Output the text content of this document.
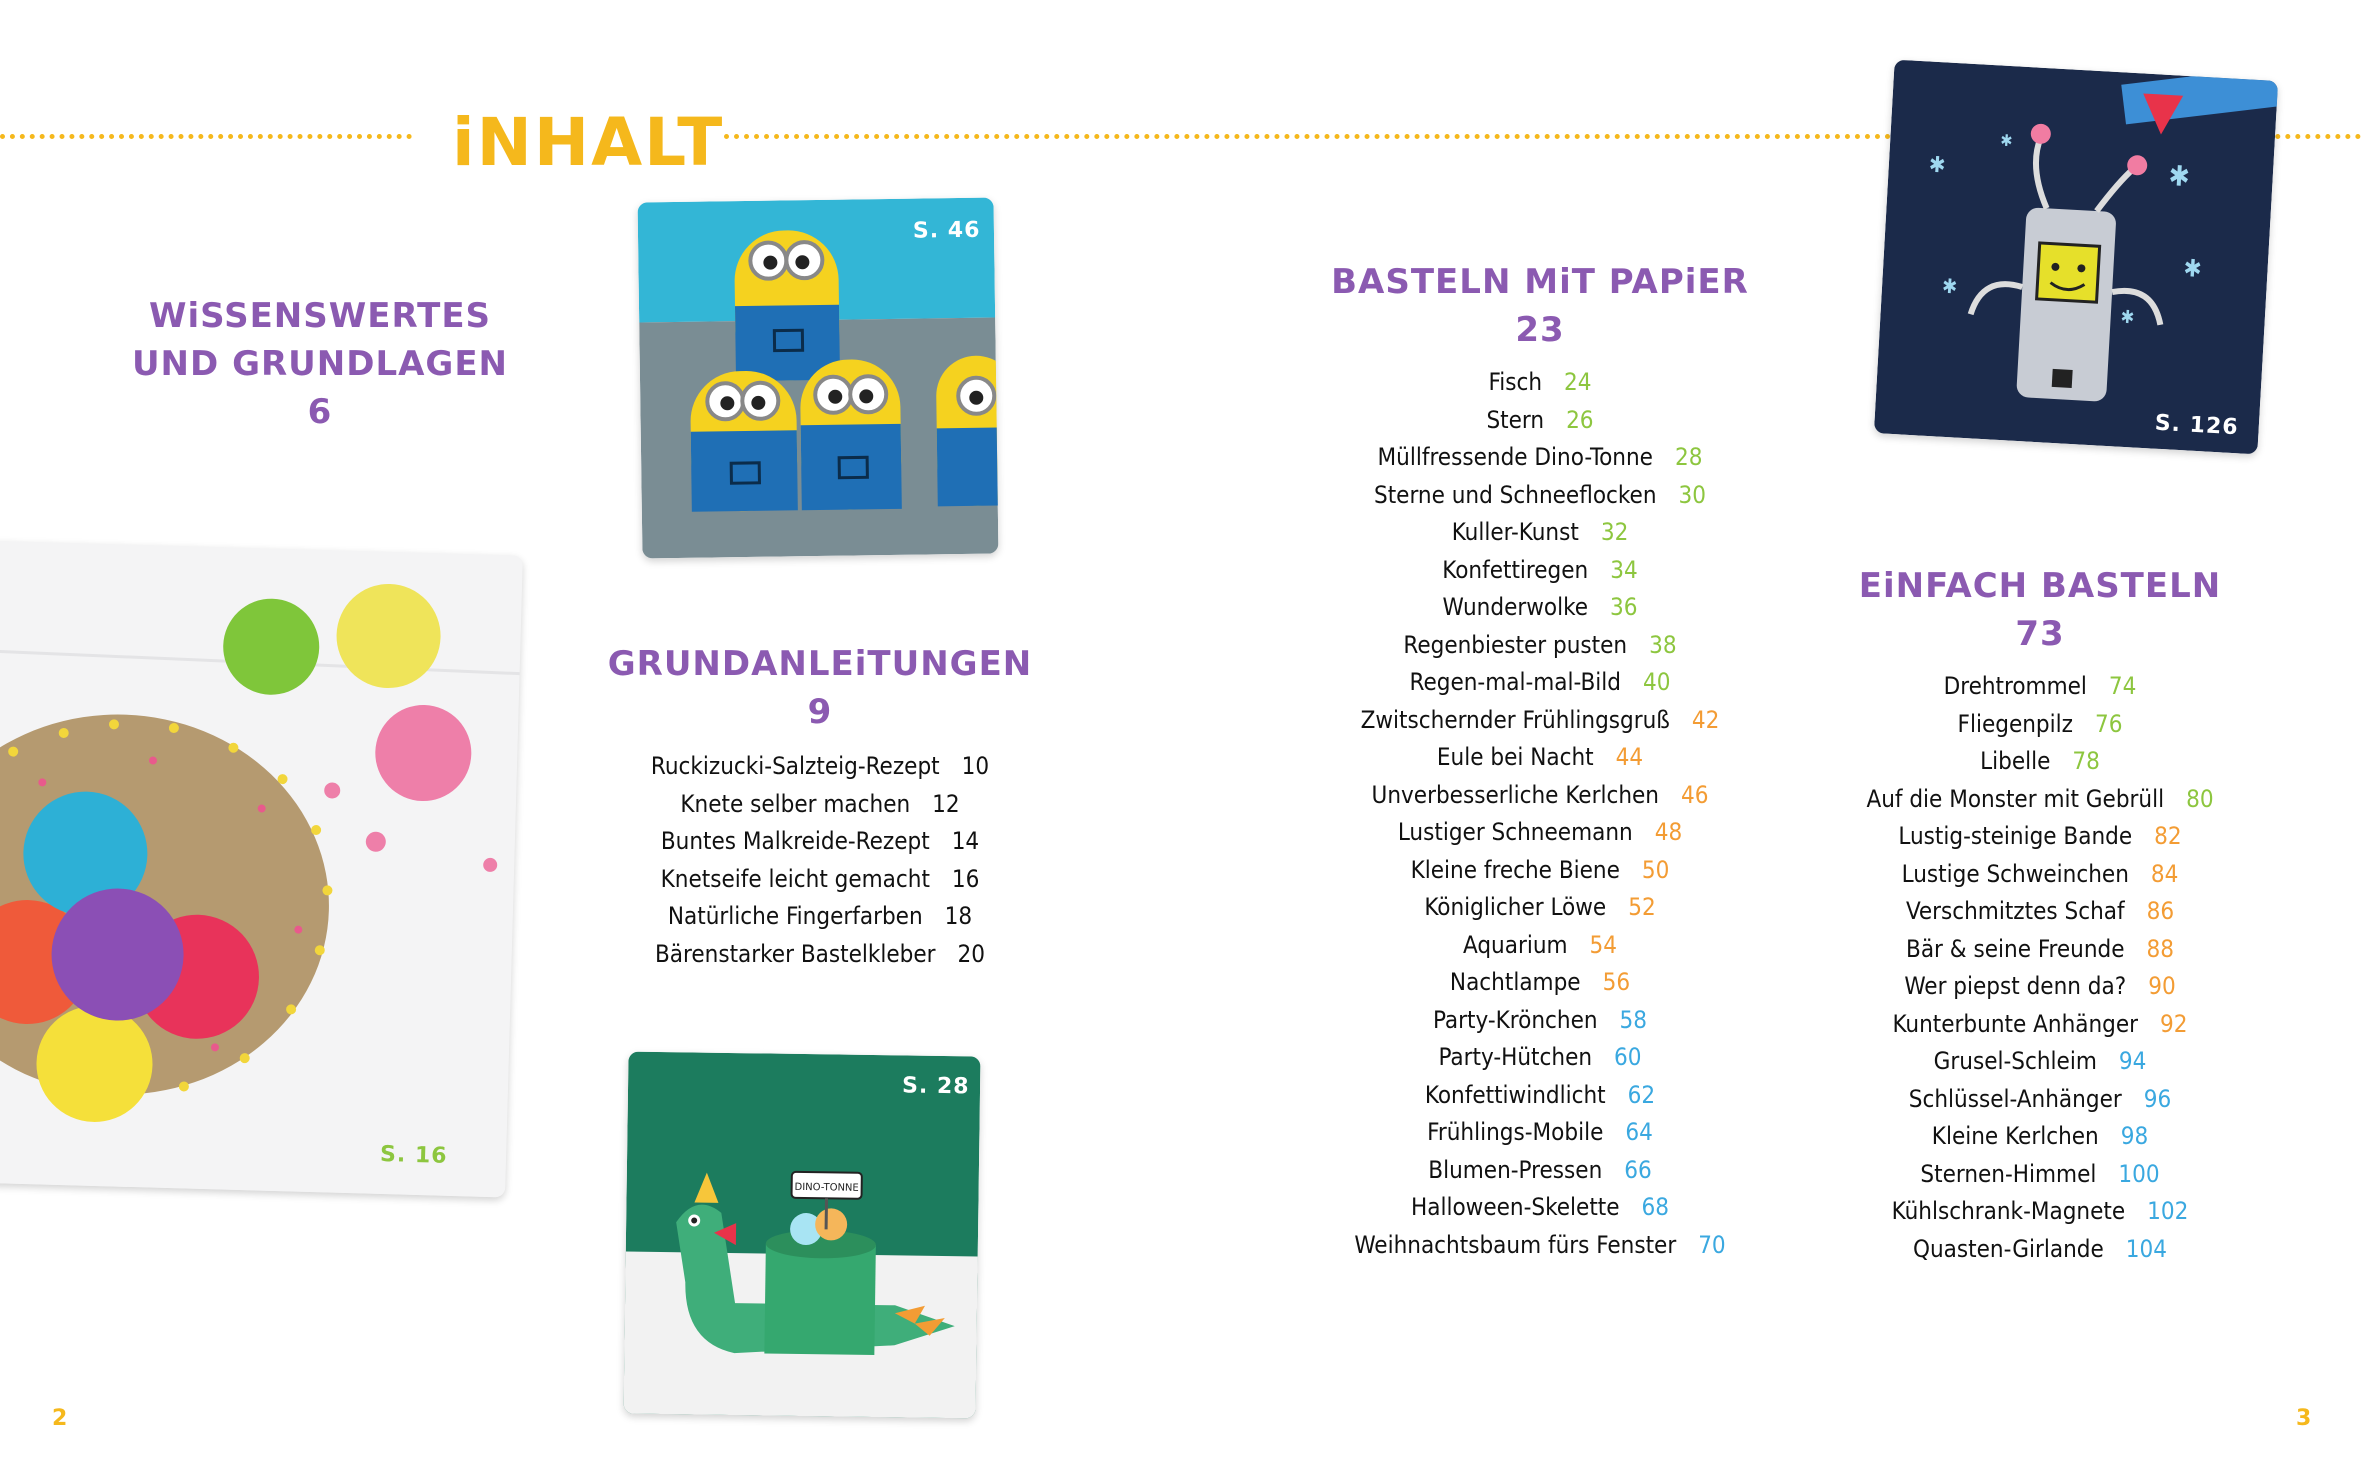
iNHALT
WiSSENSWERTES
UND GRUNDLAGEN
6
GRUNDANLEiTUNGEN
9
Ruckizucki-Salzteig-Rezept 10
Knete selber machen 12
Buntes Malkreide-Rezept 14
Knetseife leicht gemacht 16
Natürliche Fingerfarben 18
Bärenstarker Bastelkleber 20
BASTELN MiT PAPiER
23
Fisch 24
Stern 26
Müllfressende Dino-Tonne 28
Sterne und Schneeflocken 30
Kuller-Kunst 32
Konfettiregen 34
Wunderwolke 36
Regenbiester pusten 38
Regen-mal-mal-Bild 40
Zwitschernder Frühlingsgruß 42
Eule bei Nacht 44
Unverbesserliche Kerlchen 46
Lustiger Schneemann 48
Kleine freche Biene 50
Königlicher Löwe 52
Aquarium 54
Nachtlampe 56
Party-Krönchen 58
Party-Hütchen 60
Konfettiwindlicht 62
Frühlings-Mobile 64
Blumen-Pressen 66
Halloween-Skelette 68
Weihnachtsbaum fürs Fenster 70
EiNFACH BASTELN
73
Drehtrommel 74
Fliegenpilz 76
Libelle 78
Auf die Monster mit Gebrüll 80
Lustig-steinige Bande 82
Lustige Schweinchen 84
Verschmitztes Schaf 86
Bär & seine Freunde 88
Wer piepst denn da? 90
Kunterbunte Anhänger 92
Grusel-Schleim 94
Schlüssel-Anhänger 96
Kleine Kerlchen 98
Sternen-Himmel 100
Kühlschrank-Magnete 102
Quasten-Girlande 104
S. 46
S. 16
DINO-TONNE
S. 28
✱	✱
✱
✱
✱
✱
S. 126
2	3
